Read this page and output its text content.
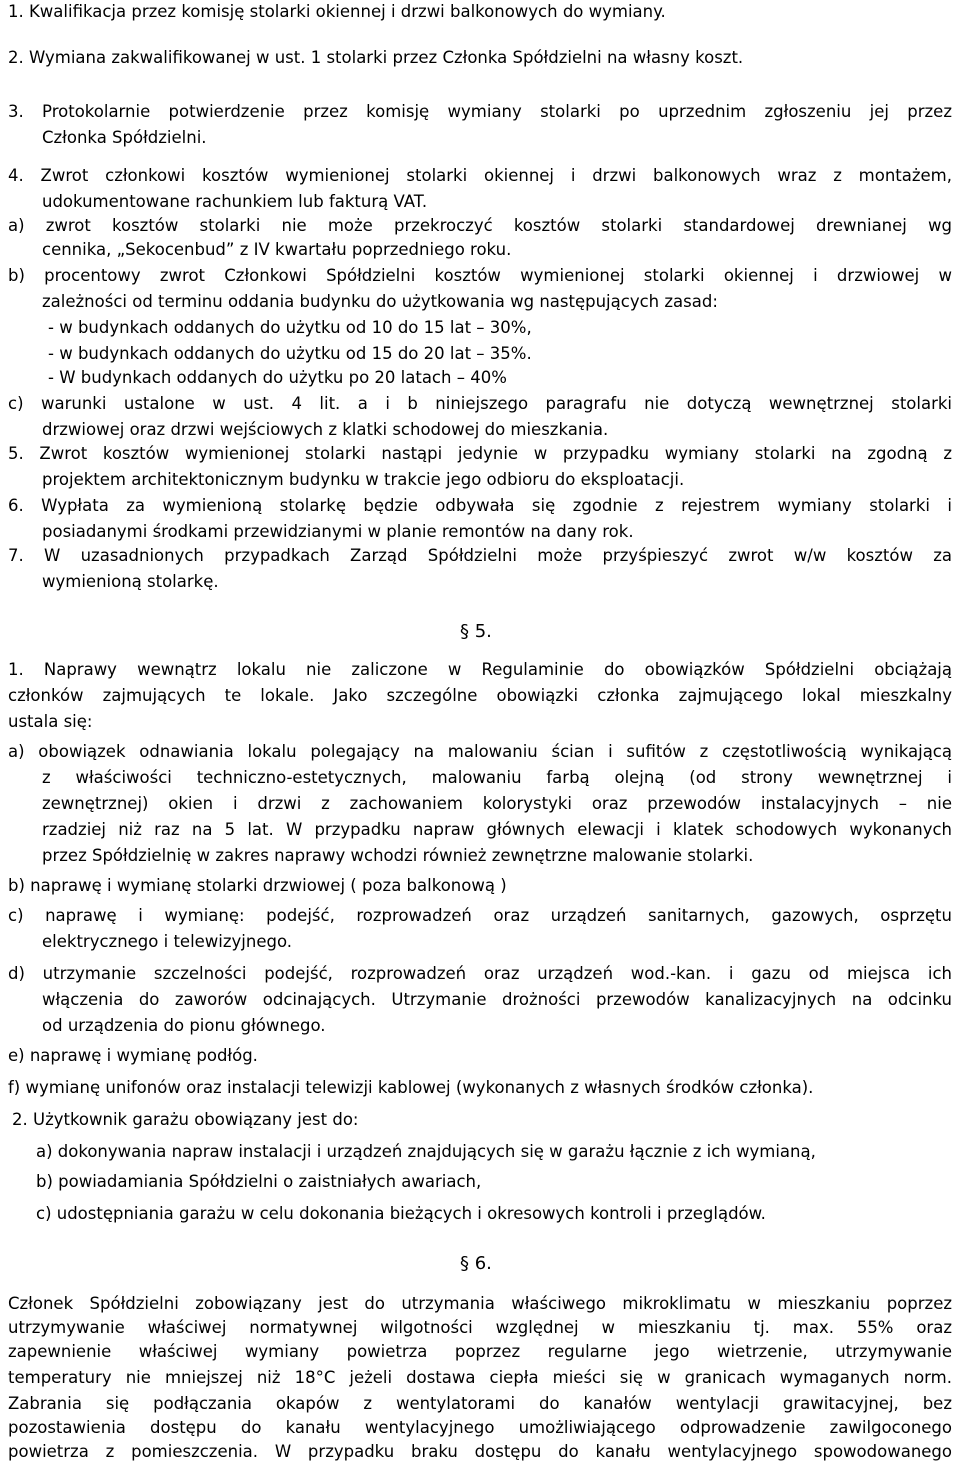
1. Kwalifikacja przez komisję stolarki okiennej i drzwi balkonowych do wymiany.
2. Wymiana zakwalifikowanej w ust. 1 stolarki przez Członka Spółdzielni na własny koszt.
3. Protokolarnie potwierdzenie przez komisję wymiany stolarki po uprzednim zgłoszeniu jej przez
Członka Spółdzielni.
4. Zwrot członkowi kosztów wymienionej stolarki okiennej i drzwi balkonowych wraz z montażem,
udokumentowane rachunkiem lub fakturą VAT.
a) zwrot kosztów stolarki nie może przekroczyć kosztów stolarki standardowej drewnianej wg
cennika, „Sekocenbud” z IV kwartału poprzedniego roku.
b) procentowy zwrot Członkowi Spółdzielni kosztów wymienionej stolarki okiennej i drzwiowej w
zależności od terminu oddania budynku do użytkowania wg następujących zasad:
- w budynkach oddanych do użytku od 10 do 15 lat – 30%,
- w budynkach oddanych do użytku od 15 do 20 lat – 35%.
- W budynkach oddanych do użytku po 20 latach – 40%
c) warunki ustalone w ust. 4 lit. a i b niniejszego paragrafu nie dotyczą wewnętrznej stolarki
drzwiowej oraz drzwi wejściowych z klatki schodowej do mieszkania.
5. Zwrot kosztów wymienionej stolarki nastąpi jedynie w przypadku wymiany stolarki na zgodną z
projektem architektonicznym budynku w trakcie jego odbioru do eksploatacji.
6. Wypłata za wymienioną stolarkę będzie odbywała się zgodnie z rejestrem wymiany stolarki i
posiadanymi środkami przewidzianymi w planie remontów na dany rok.
7. W uzasadnionych przypadkach Zarząd Spółdzielni może przyśpieszyć zwrot w/w kosztów za
wymienioną stolarkę.
§ 5.
1. Naprawy wewnątrz lokalu nie zaliczone w Regulaminie do obowiązków Spółdzielni obciążają
członków zajmujących te lokale. Jako szczególne obowiązki członka zajmującego lokal mieszkalny
ustala się:
a) obowiązek odnawiania lokalu polegający na malowaniu ścian i sufitów z częstotliwością wynikającą
z właściwości techniczno-estetycznych, malowaniu farbą olejną (od strony wewnętrznej i
zewnętrznej) okien i drzwi z zachowaniem kolorystyki oraz przewodów instalacyjnych – nie
rzadziej niż raz na 5 lat. W przypadku napraw głównych elewacji i klatek schodowych wykonanych
przez Spółdzielnię w zakres naprawy wchodzi również zewnętrzne malowanie stolarki.
b) naprawę i wymianę stolarki drzwiowej ( poza balkonową )
c) naprawę i wymianę: podejść, rozprowadzeń oraz urządzeń sanitarnych, gazowych, osprzętu
elektrycznego i telewizyjnego.
d) utrzymanie szczelności podejść, rozprowadzeń oraz urządzeń wod.-kan. i gazu od miejsca ich
włączenia do zaworów odcinających. Utrzymanie drożności przewodów kanalizacyjnych na odcinku
od urządzenia do pionu głównego.
e) naprawę i wymianę podłóg.
f) wymianę unifonów oraz instalacji telewizji kablowej (wykonanych z własnych środków członka).
2. Użytkownik garażu obowiązany jest do:
a) dokonywania napraw instalacji i urządzeń znajdujących się w garażu łącznie z ich wymianą,
b) powiadamiania Spółdzielni o zaistniałych awariach,
c) udostępniania garażu w celu dokonania bieżących i okresowych kontroli i przeglądów.
§ 6.
Członek Spółdzielni zobowiązany jest do utrzymania właściwego mikroklimatu w mieszkaniu poprzez
utrzymywanie właściwej normatywnej wilgotności względnej w mieszkaniu tj. max. 55% oraz
zapewnienie właściwej wymiany powietrza poprzez regularne jego wietrzenie, utrzymywanie
temperatury nie mniejszej niż 18°C jeżeli dostawa ciepła mieści się w granicach wymaganych norm.
Zabrania się podłączania okapów z wentylatorami do kanałów wentylacji grawitacyjnej, bez
pozostawienia dostępu do kanału wentylacyjnego umożliwiającego odprowadzenie zawilgoconego
powietrza z pomieszczenia. W przypadku braku dostępu do kanału wentylacyjnego spowodowanego
